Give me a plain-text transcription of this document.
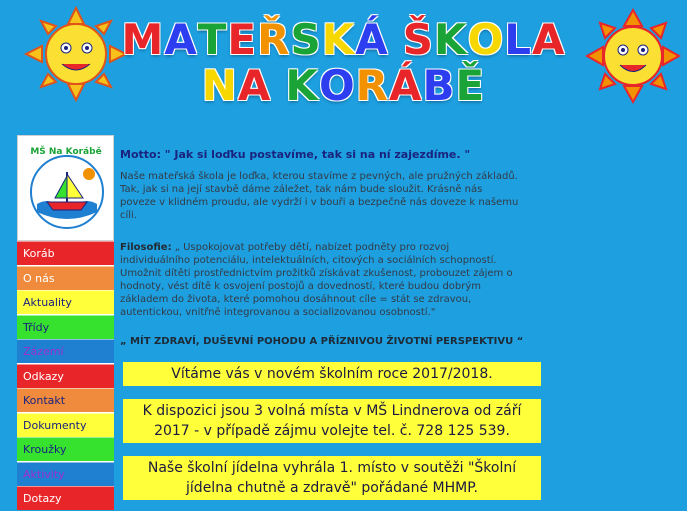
MATEŘSKÁ ŠKOLA
NA KORÁBĚ
MŠ Na Korábě
Koráb
O nás
Aktuality
Třídy
Zázemí
Odkazy
Kontakt
Dokumenty
Kroužky
Aktivity
Dotazy
Motto: " Jak si loďku postavíme, tak si na ní zajezdíme. "
Naše mateřská škola je loďka, kterou stavíme z pevných, ale pružných základů. Tak, jak si na její stavbě dáme záležet, tak nám bude sloužit. Krásně nás poveze v klidném proudu, ale vydrží i v bouři a bezpečně nás doveze k našemu cíli.
Filosofie: „ Uspokojovat potřeby dětí, nabízet podněty pro rozvoj individuálního potenciálu, intelektuálních, citových a sociálních schopností. Umožnit dítěti prostřednictvím prožitků získávat zkušenost, probouzet zájem o hodnoty, vést dítě k osvojení postojů a dovedností, které budou dobrým základem do života, které pomohou dosáhnout cíle = stát se zdravou, autentickou, vnitřně integrovanou a socializovanou osobností."
„ MÍT ZDRAVÍ, DUŠEVNÍ POHODU A PŘÍZNIVOU ŽIVOTNÍ PERSPEKTIVU “
Vítáme vás v novém školním roce 2017/2018.
K dispozici jsou 3 volná místa v MŠ Lindnerova od září 2017 - v případě zájmu volejte tel. č. 728 125 539.
Naše školní jídelna vyhrála 1. místo v soutěži "Školní jídelna chutně a zdravě" pořádané MHMP.
